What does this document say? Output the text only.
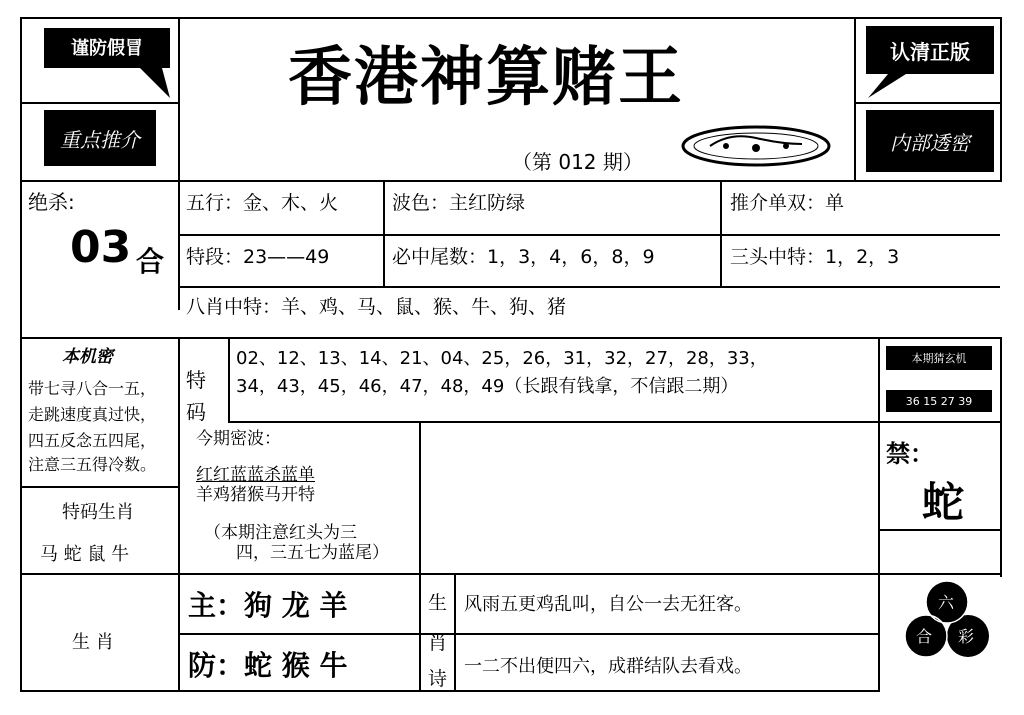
谨防假冒
重点推介
香港神算赌王
（第 012 期）
认清正版
内部透密
绝杀:
03 合
五行：金、木、火	波色：主红防绿	推介单双：单
特段：23——49	必中尾数：1，3，4，6，8，9	三头中特：1，2，3
八肖中特：羊、鸡、马、鼠、猴、牛、狗、猪
本机密
带七寻八合一五，
走跳速度真过快，
四五反念五四尾，
注意三五得冷数。
特
码
02、12、13、14、21、04、25，26，31，32，27，28，33，
34，43，45，46，47，48，49（长跟有钱拿，不信跟二期）
本期猜玄机
36 15 27 39
今期密波：
红红蓝蓝杀蓝单
羊鸡猪猴马开特
（本期注意红头为三
四，三五七为蓝尾）
禁：
蛇
特码生肖
马 蛇 鼠 牛
生 肖
主：狗 龙 羊
防：蛇 猴 牛
生
肖
诗
风雨五更鸡乱叫，自公一去无狂客。
一二不出便四六，成群结队去看戏。
六
合 彩
